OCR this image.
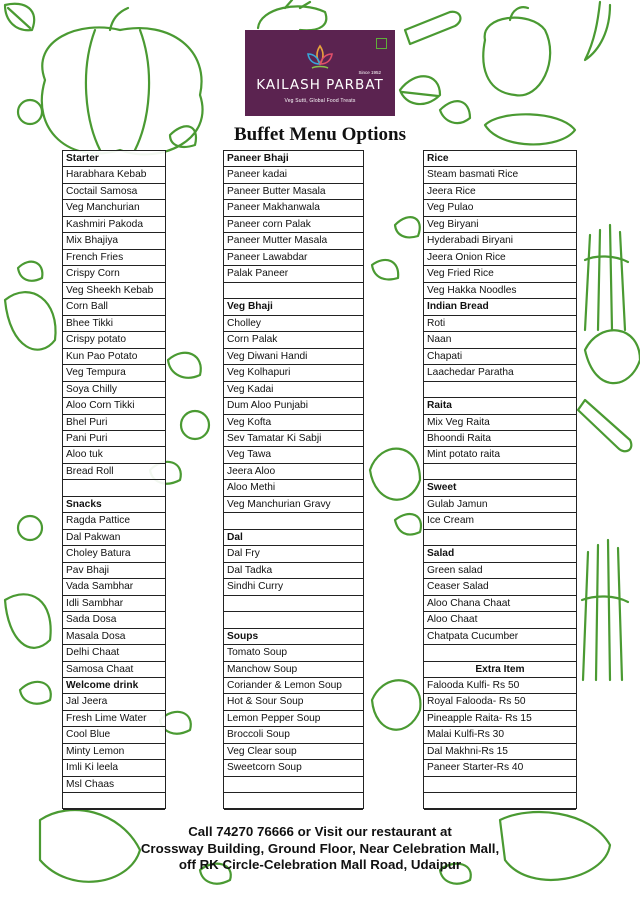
Since 1952
KAILASH PARBAT
Veg Sutti, Global Food Treats
Buffet Menu Options
Starter
Harabhara Kebab
Coctail Samosa
Veg Manchurian
Kashmiri Pakoda
Mix Bhajiya
French Fries
Crispy Corn
Veg Sheekh Kebab
Corn Ball
Bhee Tikki
Crispy potato
Kun Pao Potato
Veg Tempura
Soya Chilly
Aloo Corn Tikki
Bhel Puri
Pani Puri
Aloo tuk
Bread Roll
Snacks
Ragda Pattice
Dal Pakwan
Choley Batura
Pav Bhaji
Vada Sambhar
Idli Sambhar
Sada Dosa
Masala Dosa
Delhi Chaat
Samosa Chaat
Welcome drink
Jal Jeera
Fresh Lime Water
Cool Blue
Minty Lemon
Imli Ki leela
Msl Chaas
Paneer Bhaji
Paneer kadai
Paneer Butter Masala
Paneer Makhanwala
Paneer corn Palak
Paneer Mutter Masala
Paneer Lawabdar
Palak Paneer
Veg Bhaji
Cholley
Corn Palak
Veg Diwani Handi
Veg Kolhapuri
Veg Kadai
Dum Aloo Punjabi
Veg Kofta
Sev Tamatar Ki Sabji
Veg Tawa
Jeera Aloo
Aloo Methi
Veg Manchurian Gravy
Dal
Dal Fry
Dal Tadka
Sindhi Curry
Soups
Tomato Soup
Manchow Soup
Coriander & Lemon Soup
Hot & Sour Soup
Lemon Pepper Soup
Broccoli Soup
Veg Clear soup
Sweetcorn Soup
Rice
Steam basmati Rice
Jeera Rice
Veg Pulao
Veg Biryani
Hyderabadi Biryani
Jeera Onion Rice
Veg Fried Rice
Veg Hakka Noodles
Indian Bread
Roti
Naan
Chapati
Laachedar Paratha
Raita
Mix Veg Raita
Bhoondi Raita
Mint potato raita
Sweet
Gulab Jamun
Ice Cream
Salad
Green salad
Ceaser Salad
Aloo Chana Chaat
Aloo Chaat
Chatpata Cucumber
Extra Item
Falooda Kulfi- Rs 50
Royal Falooda- Rs 50
Pineapple Raita- Rs 15
Malai Kulfi-Rs 30
Dal Makhni-Rs 15
Paneer Starter-Rs 40
Call 74270 76666 or Visit our restaurant at
Crossway Building, Ground Floor, Near Celebration Mall,
off RK Circle-Celebration Mall Road, Udaipur
